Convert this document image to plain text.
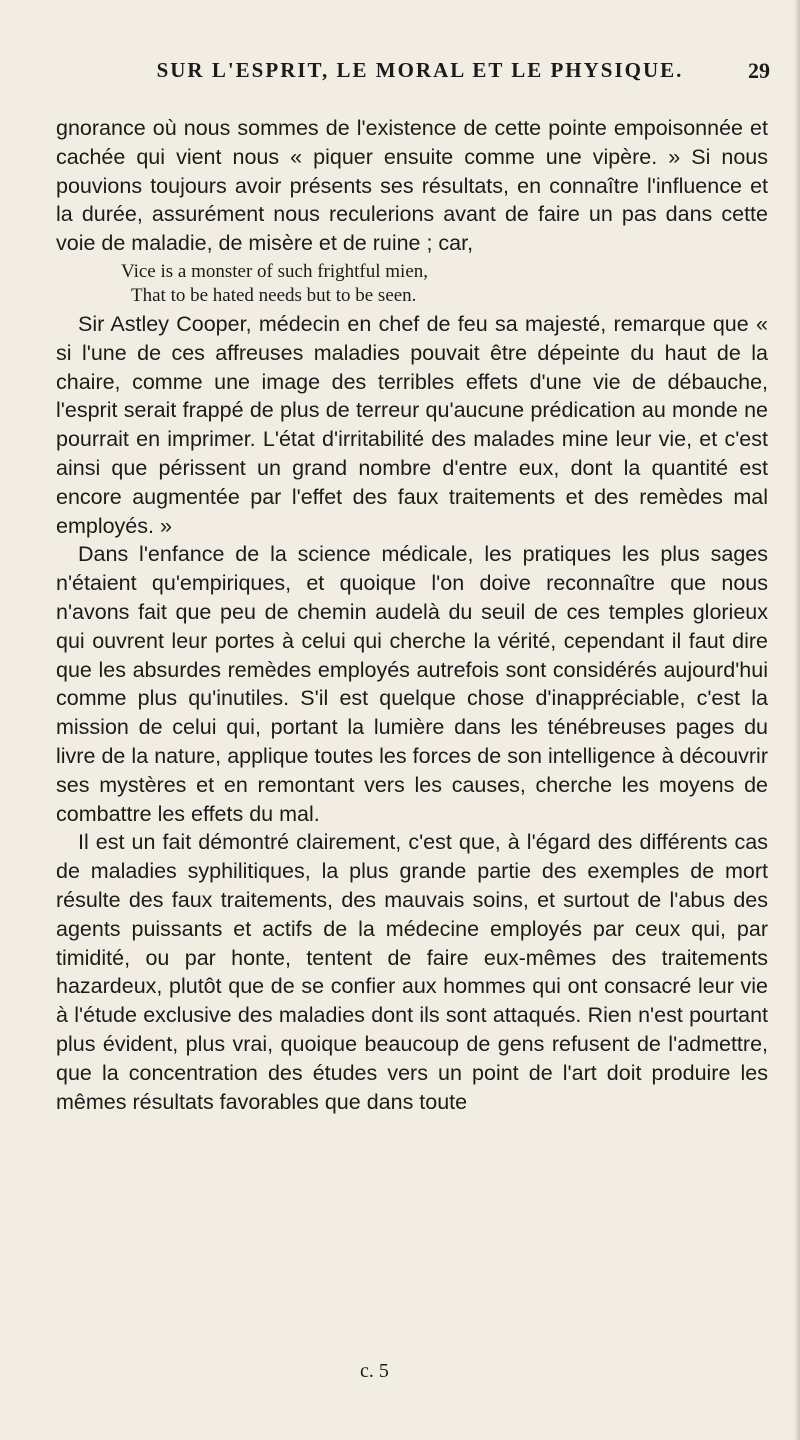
SUR L'ESPRIT, LE MORAL ET LE PHYSIQUE.	29

gnorance où nous sommes de l'existence de cette pointe empoisonnée et cachée qui vient nous « piquer ensuite comme une vipère. » Si nous pouvions toujours avoir présents ses résultats, en connaître l'influence et la durée, assurément nous reculerions avant de faire un pas dans cette voie de maladie, de misère et de ruine ; car,

Vice is a monster of such frightful mien,
That to be hated needs but to be seen.

Sir Astley Cooper, médecin en chef de feu sa majesté, remarque que « si l'une de ces affreuses maladies pouvait être dépeinte du haut de la chaire, comme une image des terribles effets d'une vie de débauche, l'esprit serait frappé de plus de terreur qu'aucune prédication au monde ne pourrait en imprimer. L'état d'irritabilité des malades mine leur vie, et c'est ainsi que périssent un grand nombre d'entre eux, dont la quantité est encore augmentée par l'effet des faux traitements et des remèdes mal employés. »

Dans l'enfance de la science médicale, les pratiques les plus sages n'étaient qu'empiriques, et quoique l'on doive reconnaître que nous n'avons fait que peu de chemin audelà du seuil de ces temples glorieux qui ouvrent leur portes à celui qui cherche la vérité, cependant il faut dire que les absurdes remèdes employés autrefois sont considérés aujourd'hui comme plus qu'inutiles. S'il est quelque chose d'inappréciable, c'est la mission de celui qui, portant la lumière dans les ténébreuses pages du livre de la nature, applique toutes les forces de son intelligence à découvrir ses mystères et en remontant vers les causes, cherche les moyens de combattre les effets du mal.

Il est un fait démontré clairement, c'est que, à l'égard des différents cas de maladies syphilitiques, la plus grande partie des exemples de mort résulte des faux traitements, des mauvais soins, et surtout de l'abus des agents puissants et actifs de la médecine employés par ceux qui, par timidité, ou par honte, tentent de faire eux-mêmes des traitements hazardeux, plutôt que de se confier aux hommes qui ont consacré leur vie à l'étude exclusive des maladies dont ils sont attaqués. Rien n'est pourtant plus évident, plus vrai, quoique beaucoup de gens refusent de l'admettre, que la concentration des études vers un point de l'art doit produire les mêmes résultats favorables que dans toute

c. 5
